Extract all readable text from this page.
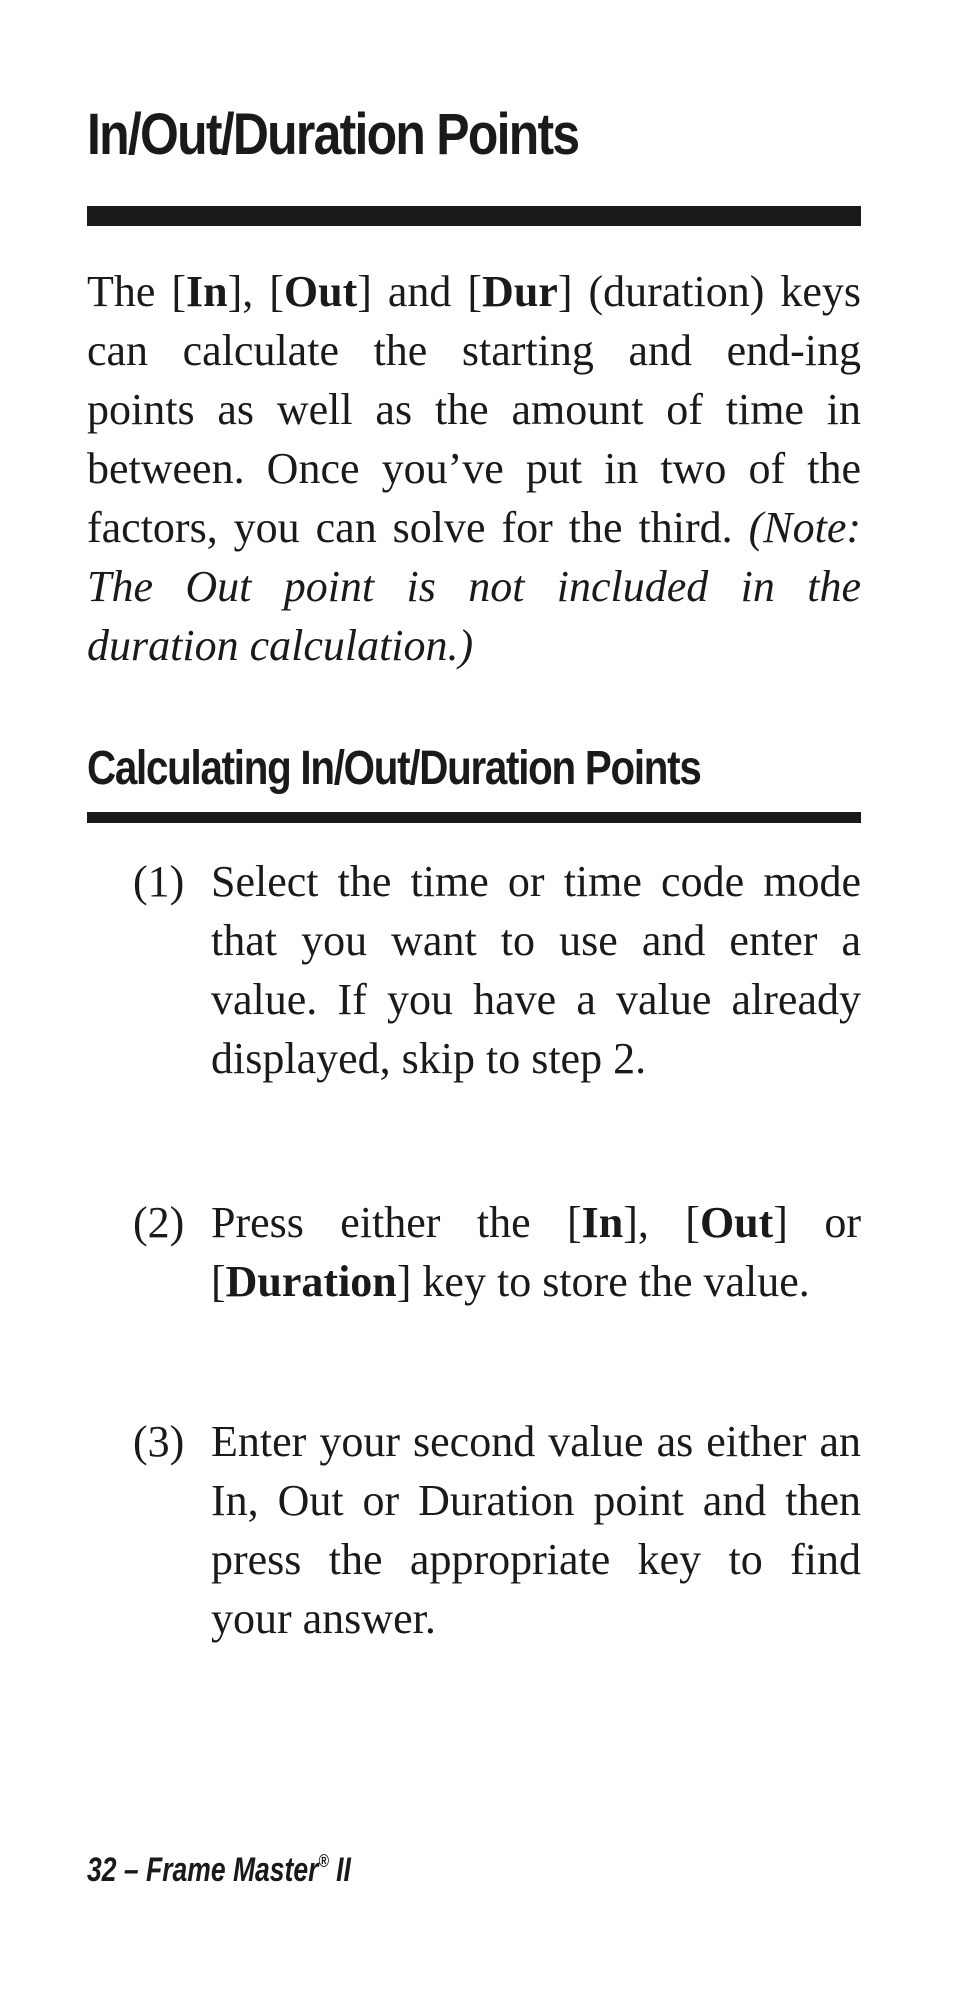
In/Out/Duration Points

The [In], [Out] and [Dur] (duration) keys can calculate the starting and end-ing points as well as the amount of time in between. Once you’ve put in two of the factors, you can solve for the third. (Note: The Out point is not included in the duration calculation.)

Calculating In/Out/Duration Points
(1) Select the time or time code mode that you want to use and enter a value. If you have a value already displayed, skip to step 2.
(2) Press either the [In], [Out] or [Duration] key to store the value.
(3) Enter your second value as either an In, Out or Duration point and then press the appropriate key to find your answer.
32 – Frame Master® II
